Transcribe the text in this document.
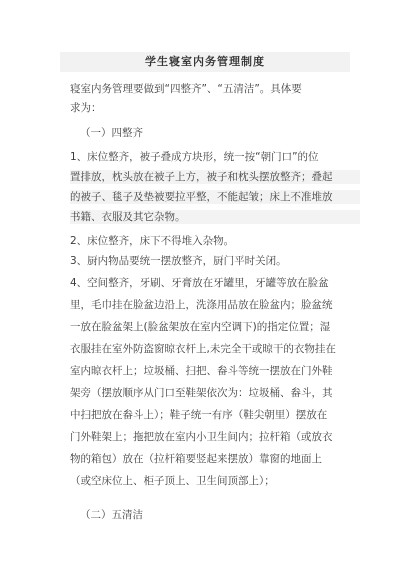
学生寝室内务管理制度
寝室内务管理要做到“四整齐”、“五清洁”。具体要
求为：
（一）四整齐
1、床位整齐，被子叠成方块形，统一按“朝门口”的位
置排放，枕头放在被子上方，被子和枕头摆放整齐；叠起
的被子、毯子及垫被要拉平整，不能起皱；床上不准堆放
书籍、衣服及其它杂物。
2、床位整齐，床下不得堆入杂物。
3、厨内物品要统一摆放整齐，厨门平时关闭。
4、空间整齐，牙刷、牙膏放在牙罐里，牙罐等放在脸盆
里，毛巾挂在脸盆边沿上，洗涤用品放在脸盆内；脸盆统
一放在脸盆架上(脸盆架放在室内空调下)的指定位置；湿
衣服挂在室外防盗窗晾衣杆上,未完全干或晾干的衣物挂在
室内晾衣杆上；垃圾桶、扫把、畚斗等统一摆放在门外鞋
架旁（摆放顺序从门口至鞋架依次为：垃圾桶、畚斗，其
中扫把放在畚斗上）；鞋子统一有序（鞋尖朝里）摆放在
门外鞋架上；拖把放在室内小卫生间内；拉杆箱（或放衣
物的箱包）放在（拉杆箱要竖起来摆放）靠窗的地面上
（或空床位上、柜子顶上、卫生间顶部上）；
（二）五清洁
